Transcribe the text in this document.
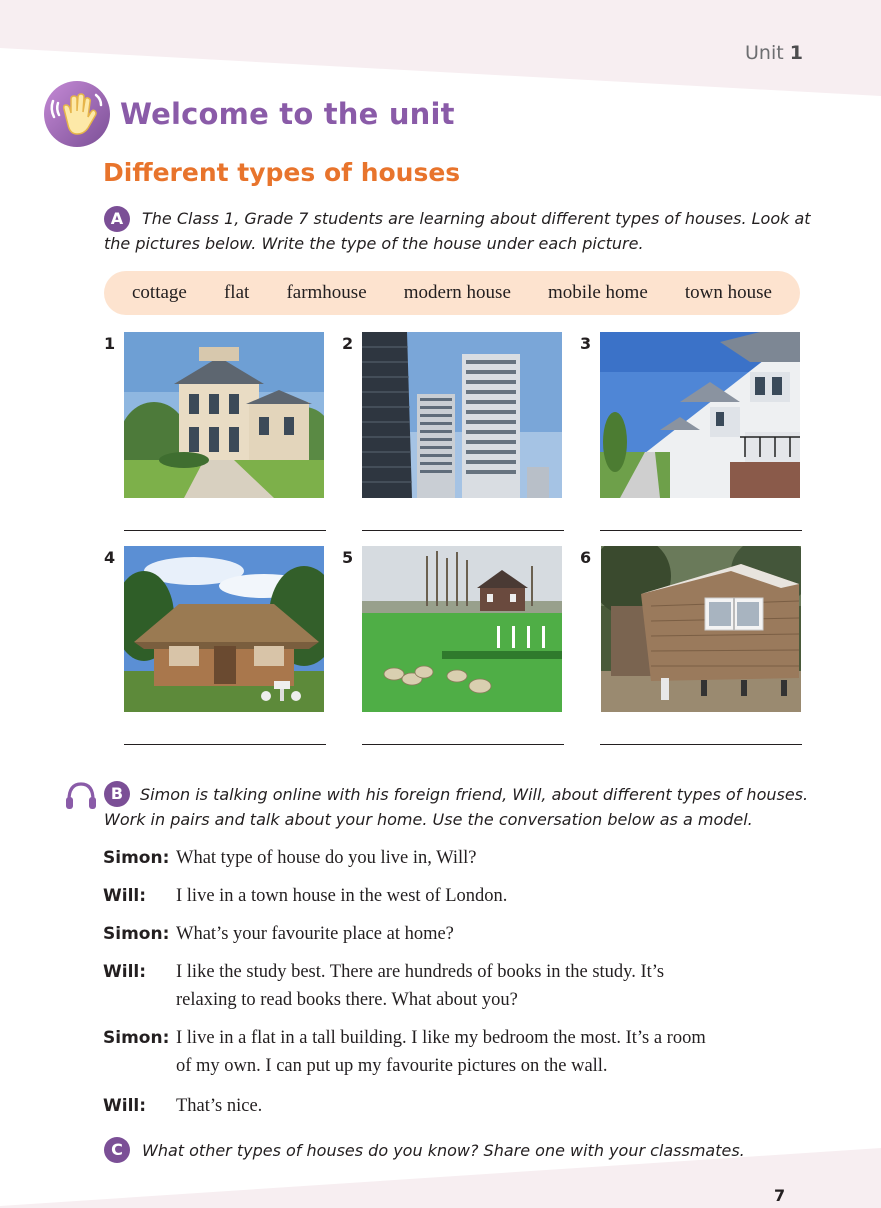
Unit 1
Welcome to the unit
Different types of houses
A	The Class 1, Grade 7 students are learning about different types of houses. Look at
the pictures below. Write the type of the house under each picture.
cottage flat farmhouse modern house mobile home town house
1	2	3
4	5	6
B	Simon is talking online with his foreign friend, Will, about different types of houses.
Work in pairs and talk about your home. Use the conversation below as a model.
Simon: What type of house do you live in, Will?
Will: I live in a town house in the west of London.
Simon: What’s your favourite place at home?
Will: I like the study best. There are hundreds of books in the study. It’s
relaxing to read books there. What about you?
Simon: I live in a flat in a tall building. I like my bedroom the most. It’s a room
of my own. I can put up my favourite pictures on the wall.
Will: That’s nice.
C	What other types of houses do you know? Share one with your classmates.
7
